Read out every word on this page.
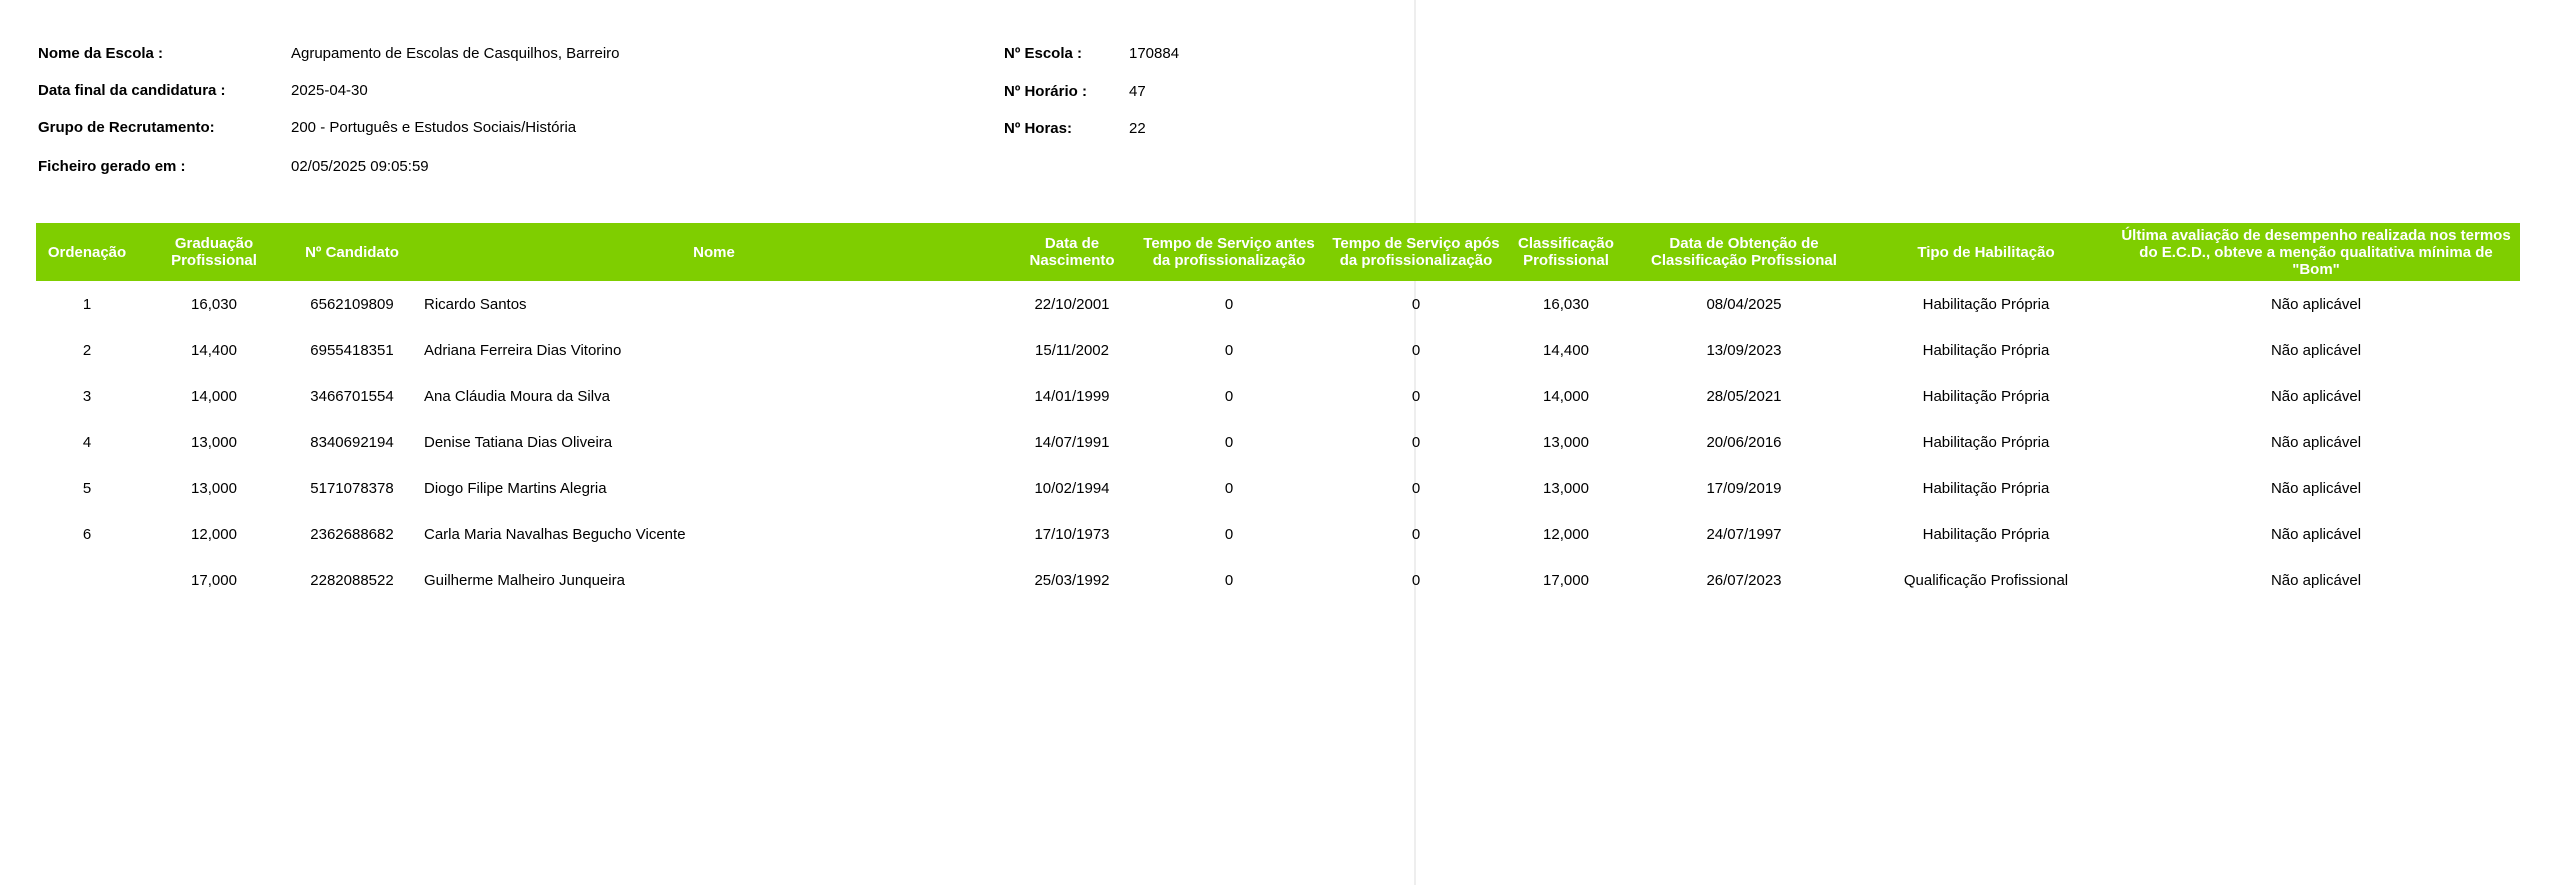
Nome da Escola :	Agrupamento de Escolas de Casquilhos, Barreiro
Data final da candidatura :	2025-04-30
Grupo de Recrutamento:	200 - Português e Estudos Sociais/História
Ficheiro gerado em :	02/05/2025 09:05:59
Nº Escola :	170884
Nº Horário :	47
Nº Horas:	22
Ordenação	Graduação Profissional	Nº Candidato	Nome	Data de Nascimento	Tempo de Serviço antes da profissionalização	Tempo de Serviço após da profissionalização	Classificação Profissional	Data de Obtenção de Classificação Profissional	Tipo de Habilitação	Última avaliação de desempenho realizada nos termos do E.C.D., obteve a menção qualitativa mínima de "Bom"
1	16,030	6562109809	Ricardo Santos	22/10/2001	0	0	16,030	08/04/2025	Habilitação Própria	Não aplicável
2	14,400	6955418351	Adriana Ferreira Dias Vitorino	15/11/2002	0	0	14,400	13/09/2023	Habilitação Própria	Não aplicável
3	14,000	3466701554	Ana Cláudia Moura da Silva	14/01/1999	0	0	14,000	28/05/2021	Habilitação Própria	Não aplicável
4	13,000	8340692194	Denise Tatiana Dias Oliveira	14/07/1991	0	0	13,000	20/06/2016	Habilitação Própria	Não aplicável
5	13,000	5171078378	Diogo Filipe Martins Alegria	10/02/1994	0	0	13,000	17/09/2019	Habilitação Própria	Não aplicável
6	12,000	2362688682	Carla Maria Navalhas Begucho Vicente	17/10/1973	0	0	12,000	24/07/1997	Habilitação Própria	Não aplicável
	17,000	2282088522	Guilherme Malheiro Junqueira	25/03/1992	0	0	17,000	26/07/2023	Qualificação Profissional	Não aplicável
